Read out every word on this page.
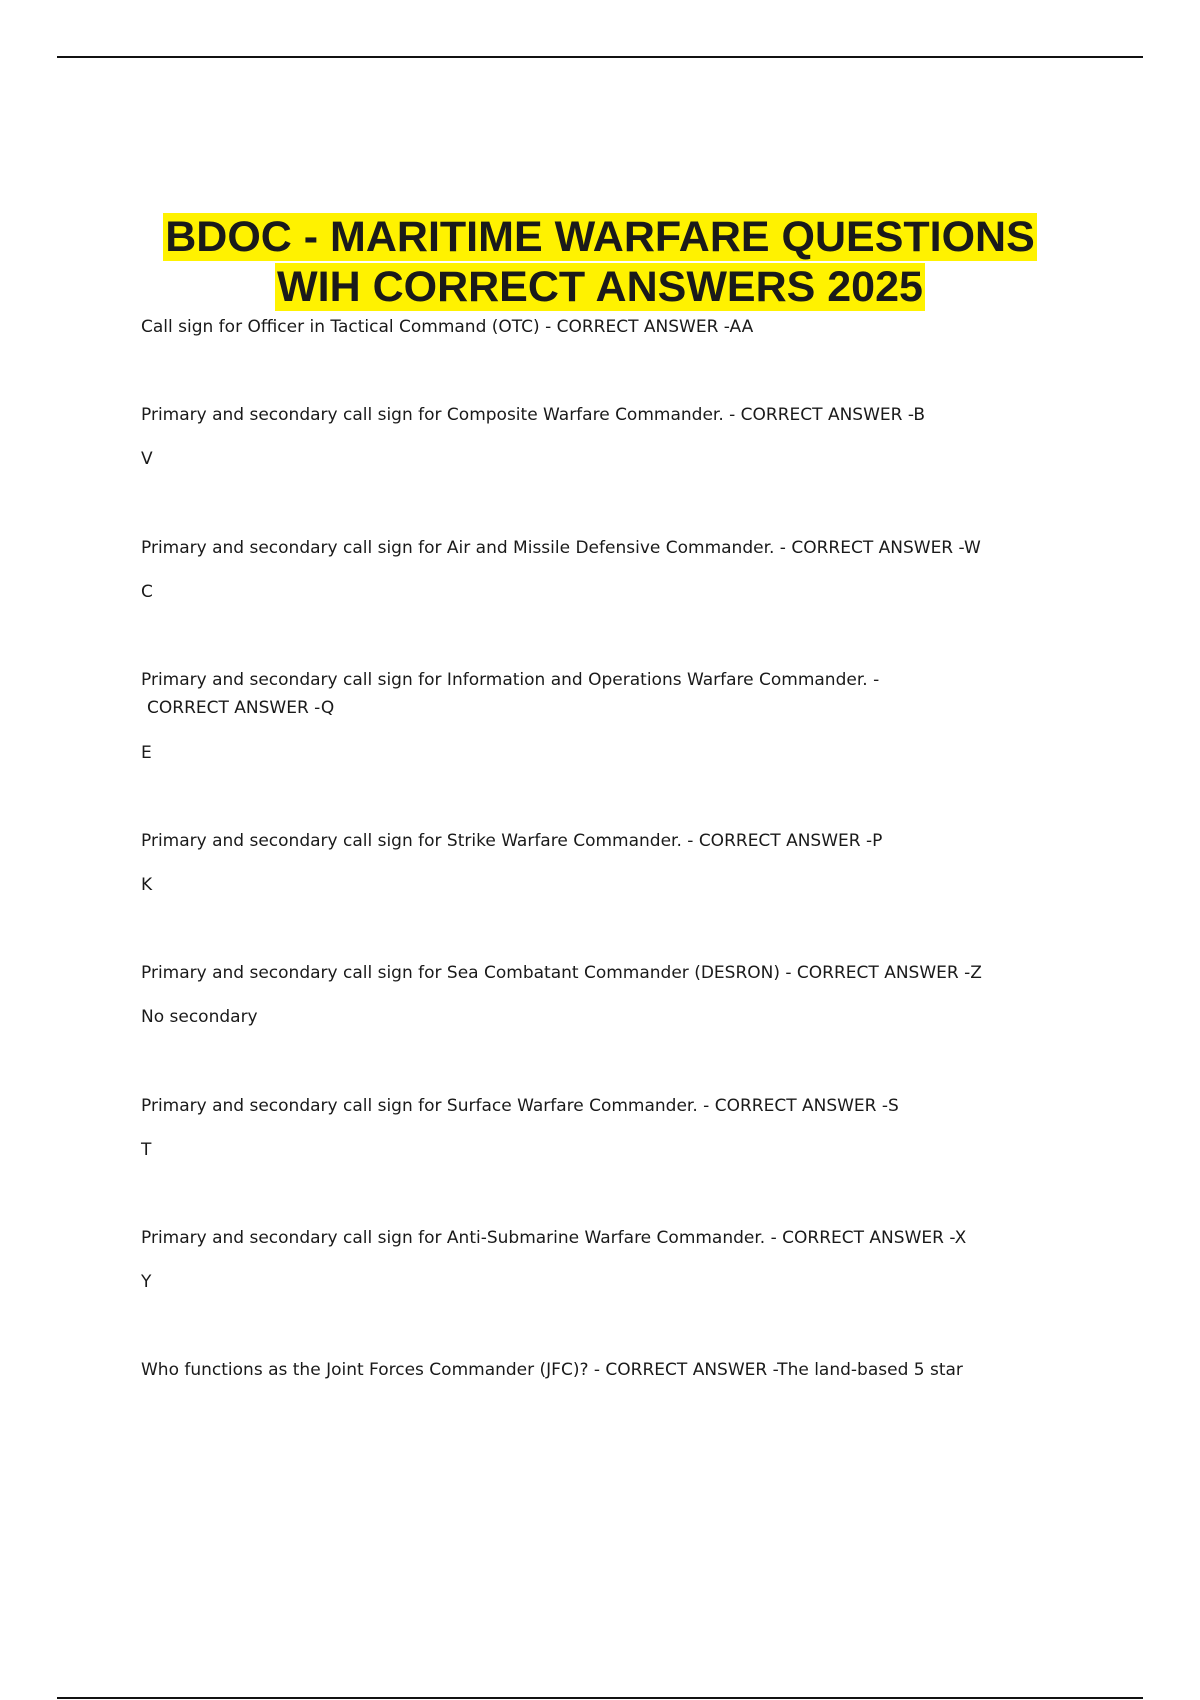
BDOC - MARITIME WARFARE QUESTIONS
WIH CORRECT ANSWERS 2025

Call sign for Officer in Tactical Command (OTC) - CORRECT ANSWER -AA

Primary and secondary call sign for Composite Warfare Commander. - CORRECT ANSWER -B

V

Primary and secondary call sign for Air and Missile Defensive Commander. - CORRECT ANSWER -W

C

Primary and secondary call sign for Information and Operations Warfare Commander. -

CORRECT ANSWER -Q

E

Primary and secondary call sign for Strike Warfare Commander. - CORRECT ANSWER -P

K

Primary and secondary call sign for Sea Combatant Commander (DESRON) - CORRECT ANSWER -Z

No secondary

Primary and secondary call sign for Surface Warfare Commander. - CORRECT ANSWER -S

T

Primary and secondary call sign for Anti-Submarine Warfare Commander. - CORRECT ANSWER -X

Y

Who functions as the Joint Forces Commander (JFC)? - CORRECT ANSWER -The land-based 5 star
